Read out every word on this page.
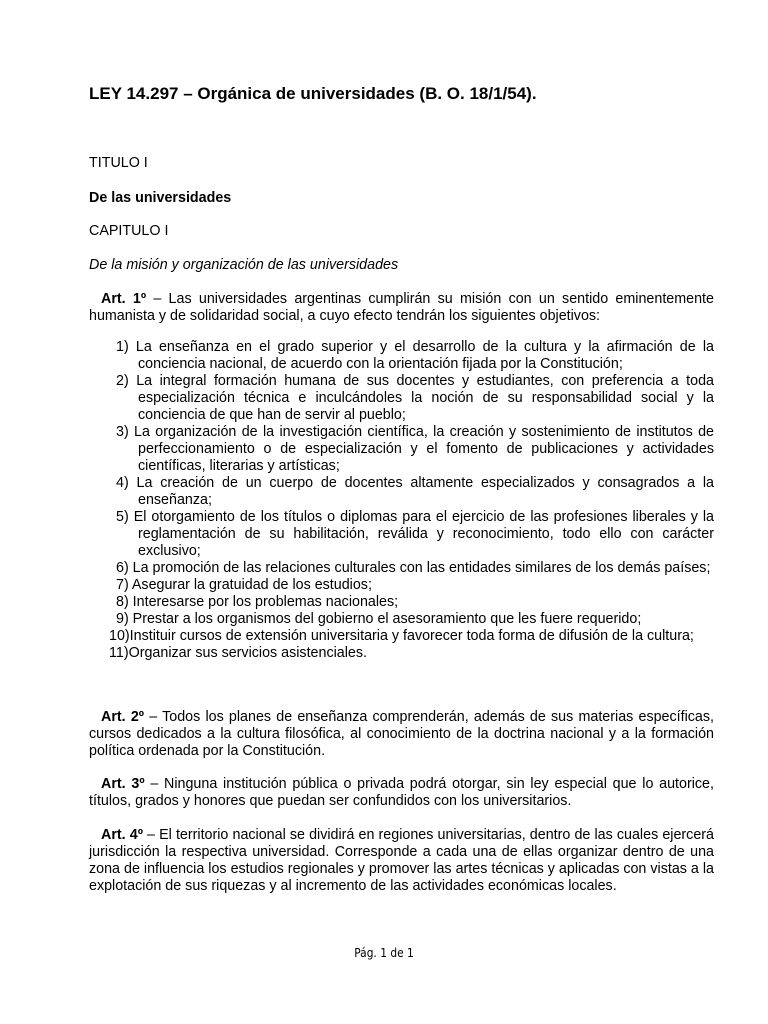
LEY 14.297 – Orgánica de universidades (B. O. 18/1/54).

TITULO I

De las universidades

CAPITULO I

De la misión y organización de las universidades

Art. 1º – Las universidades argentinas cumplirán su misión con un sentido eminentemente humanista y de solidaridad social, a cuyo efecto tendrán los siguientes objetivos:

1) La enseñanza en el grado superior y el desarrollo de la cultura y la afirmación de la conciencia nacional, de acuerdo con la orientación fijada por la Constitución;
2) La integral formación humana de sus docentes y estudiantes, con preferencia a toda especialización técnica e inculcándoles la noción de su responsabilidad social y la conciencia de que han de servir al pueblo;
3) La organización de la investigación científica, la creación y sostenimiento de institutos de perfeccionamiento o de especialización y el fomento de publicaciones y actividades científicas, literarias y artísticas;
4) La creación de un cuerpo de docentes altamente especializados y consagrados a la enseñanza;
5) El otorgamiento de los títulos o diplomas para el ejercicio de las profesiones liberales y la reglamentación de su habilitación, reválida y reconocimiento, todo ello con carácter exclusivo;
6) La promoción de las relaciones culturales con las entidades similares de los demás países;
7) Asegurar la gratuidad de los estudios;
8) Interesarse por los problemas nacionales;
9) Prestar a los organismos del gobierno el asesoramiento que les fuere requerido;
10)Instituir cursos de extensión universitaria y favorecer toda forma de difusión de la cultura;
11)Organizar sus servicios asistenciales.

Art. 2º – Todos los planes de enseñanza comprenderán, además de sus materias específicas, cursos dedicados a la cultura filosófica, al conocimiento de la doctrina nacional y a la formación política ordenada por la Constitución.

Art. 3º – Ninguna institución pública o privada podrá otorgar, sin ley especial que lo autorice, títulos, grados y honores que puedan ser confundidos con los universitarios.

Art. 4º – El territorio nacional se dividirá en regiones universitarias, dentro de las cuales ejercerá jurisdicción la respectiva universidad. Corresponde a cada una de ellas organizar dentro de una zona de influencia los estudios regionales y promover las artes técnicas y aplicadas con vistas a la explotación de sus riquezas y al incremento de las actividades económicas locales.

Pág. 1 de 1
